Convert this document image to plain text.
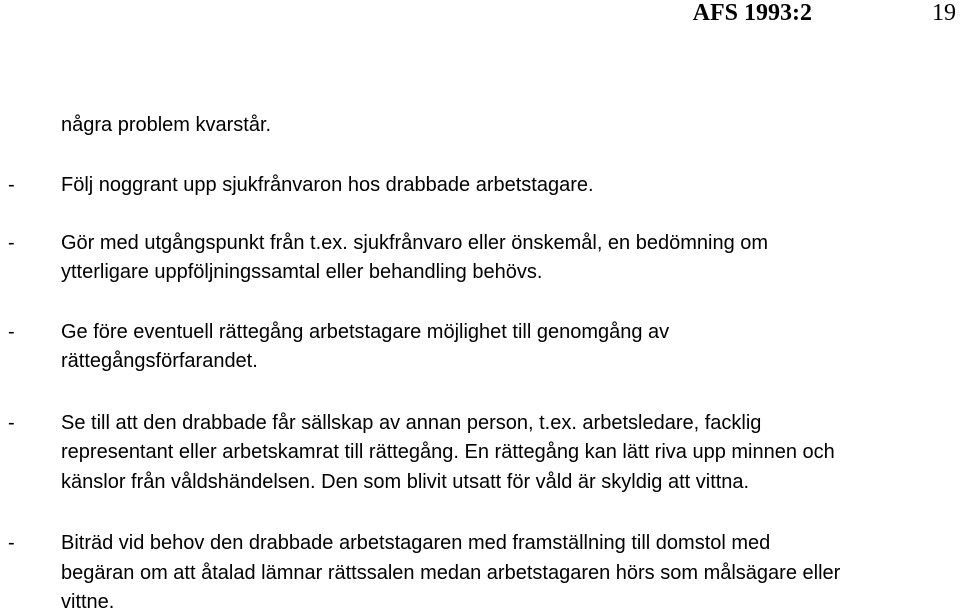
AFS 1993:2	19
några problem kvarstår.
- Följ noggrant upp sjukfrånvaron hos drabbade arbetstagare.
- Gör med utgångspunkt från t.ex. sjukfrånvaro eller önskemål, en bedömning om
ytterligare uppföljningssamtal eller behandling behövs.
- Ge före eventuell rättegång arbetstagare möjlighet till genomgång av
rättegångsförfarandet.
- Se till att den drabbade får sällskap av annan person, t.ex. arbetsledare, facklig
representant eller arbetskamrat till rättegång. En rättegång kan lätt riva upp minnen och
känslor från våldshändelsen. Den som blivit utsatt för våld är skyldig att vittna.
- Biträd vid behov den drabbade arbetstagaren med framställning till domstol med
begäran om att åtalad lämnar rättssalen medan arbetstagaren hörs som målsägare eller
vittne.
